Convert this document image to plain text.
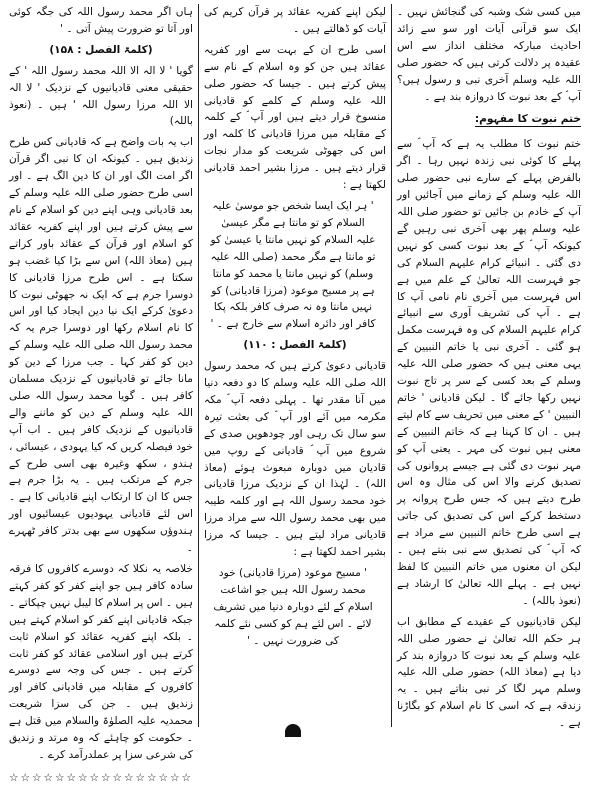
میں کسی شک وشبہ کی گنجائش نہیں ۔ ایک سو قرآنی آیات اور سو سے زائد احادیث مبارکہ مختلف انداز سے اس عقیدہ پر دلالت کرتی ہیں کہ حضور صلی اللہ علیہ وسلم آخری نبی و رسول ہیں؟ آپ ؐ کے بعد نبوت کا دروازہ بند ہے ۔

ختم نبوت کا مفہوم:

ختم نبوت کا مطلب یہ ہے کہ آپ ؐ سے پہلے کا کوئی نبی زندہ نہیں رہا ۔ اگر بالفرض پہلے کے سارے نبی حضور صلی اللہ علیہ وسلم کے زمانے میں آجائیں اور آپ کے خادم بن جائیں تو حضور صلی اللہ علیہ وسلم پھر بھی آخری نبی رہیں گے کیونکہ آپ ؐ کے بعد نبوت کسی کو نہیں دی گئی ۔ انبیائے کرام علیہم السلام کی جو فہرست اللہ تعالیٰ کے علم میں ہے اس فہرست میں آخری نام نامی آپ کا ہے ۔ آپ کی تشریف آوری سے انبیائے کرام علیہم السلام کی وہ فہرست مکمل ہو گئی ۔ آخری نبی یا خاتم النبیین کے یہی معنی ہیں کہ حضور صلی اللہ علیہ وسلم کے بعد کسی کے سر پر تاج نبوت نہیں رکھا جائے گا ۔ لیکن قادیانی ' خاتم النبیین ' کے معنی میں تحریف سے کام لیتے ہیں ۔ ان کا کہنا ہے کہ خاتم النبیین کے معنی ہیں نبوت کی مہر ۔ یعنی آپ کو مہر نبوت دی گئی ہے جیسے پروانوں کی تصدیق کرنے والا اس کی مثال وہ اس طرح دیتے ہیں کہ جس طرح پروانہ پر دستخط کرکے اس کی تصدیق کی جاتی ہے اسی طرح خاتم النبیین سے مراد ہے کہ آپ ؐ کی تصدیق سے نبی بنتے ہیں ۔ لیکن ان معنوں میں خاتم النبیین کا لفظ نہیں ہے ۔ پہلے اللہ تعالیٰ کا ارشاد ہے (نعوذ باللہ) ۔

لیکن قادیانیوں کے عقیدے کے مطابق اب ہر حکم اللہ تعالیٰ نے حضور صلی اللہ علیہ وسلم کے بعد نبوت کا دروازہ بند کر دیا ہے (معاذ اللہ) حضور صلی اللہ علیہ وسلم مہر لگا کر نبی بناتے ہیں ۔ یہ زندقہ ہے کہ اسی کا نام اسلام کو بگاڑنا ہے ۔

لیکن اپنے کفریہ عقائد پر قرآن کریم کی آیات کو ڈھالتے ہیں ۔

اسی طرح ان کے بہت سے اور کفریہ عقائد ہیں جن کو وہ اسلام کے نام سے پیش کرتے ہیں ۔ جیسا کہ حضور صلی اللہ علیہ وسلم کے کلمے کو قادیانی منسوخ قرار دیتے ہیں اور آپ ؐ کے کلمہ کے مقابلہ میں مرزا قادیانی کا کلمہ اور اس کی جھوٹی شریعت کو مدار نجات قرار دیتے ہیں ۔ مرزا بشیر احمد قادیانی لکھتا ہے :

' ہر ایک ایسا شخص جو موسیٰ علیہ السلام کو تو مانتا ہے مگر عیسیٰ علیہ السلام کو نہیں مانتا یا عیسیٰ کو تو مانتا ہے مگر محمد (صلی اللہ علیہ وسلم) کو نہیں مانتا یا محمد کو مانتا ہے پر مسیح موعود (مرزا قادیانی) کو نہیں مانتا وہ نہ صرف کافر بلکہ پکا کافر اور دائرہ اسلام سے خارج ہے ۔ '

(کلمۃ الفصل : ۱۱۰)

قادیانی دعویٰ کرتے ہیں کہ محمد رسول اللہ صلی اللہ علیہ وسلم کا دو دفعہ دنیا میں آنا مقدر تھا ۔ پہلی دفعہ آپ ؐ مکہ مکرمہ میں آئے اور آپ ؐ کی بعثت تیرہ سو سال تک رہی اور چودھویں صدی کے شروع میں آپ ؐ قادیانی کے روپ میں قادیان میں دوبارہ مبعوث ہوئے (معاذ اللہ) ۔ لہٰذا ان کے نزدیک مرزا قادیانی خود محمد رسول اللہ ہے اور کلمہ طیبہ میں بھی محمد رسول اللہ سے مراد مرزا قادیانی مراد لیتے ہیں ۔ جیسا کہ مرزا بشیر احمد لکھتا ہے :

' مسیح موعود (مرزا قادیانی) خود محمد رسول اللہ ہیں جو اشاعت اسلام کے لئے دوبارہ دنیا میں تشریف لائے ۔ اس لئے ہم کو کسی نئے کلمہ کی ضرورت نہیں ۔ '

ہاں اگر محمد رسول اللہ کی جگہ کوئی اور آتا تو ضرورت پیش آتی ۔ '

(کلمۃ الفصل : ۱۵۸)

گویا ' لا الہ الا اللہ محمد رسول اللہ ' کے حقیقی معنی قادیانیوں کے نزدیک ' لا الہ الا اللہ مرزا رسول اللہ ' ہیں ۔ (نعوذ باللہ)

اب یہ بات واضح ہے کہ قادیانی کس طرح زندیق ہیں ۔ کیونکہ ان کا نبی اگر قرآن اگر امت الگ اور ان کا دین الگ ہے ۔ اور اسی طرح حضور صلی اللہ علیہ وسلم کے بعد قادیانی وہی اپنے دین کو اسلام کے نام سے پیش کرتے ہیں اور اپنے کفریہ عقائد کو اسلام اور قرآن کے عقائد باور کراتے ہیں (معاذ اللہ) اس سے بڑا کیا غضب ہو سکتا ہے ۔ اس طرح مرزا قادیانی کا دوسرا جرم ہے کہ ایک نہ جھوٹی نبوت کا دعویٰ کرکے ایک نیا دین ایجاد کیا اور اس کا نام اسلام رکھا اور دوسرا جرم یہ کہ محمد رسول اللہ صلی اللہ علیہ وسلم کے دین کو کفر کہا ۔ جب مرزا کے دین کو مانا جائے تو قادیانیوں کے نزدیک مسلمان کافر ہیں ۔ گویا محمد رسول اللہ صلی اللہ علیہ وسلم کے دین کو ماننے والے قادیانیوں کے نزدیک کافر ہیں ۔ اب آپ خود فیصلہ کریں کہ کیا یہودی ، عیسائی ، ہندو ، سکھ وغیرہ بھی اسی طرح کے جرم کے مرتکب ہیں ۔ یہ بڑا جرم ہے جس کا ان کا ارتکاب اپنے قادیانی کا ہے ۔ اس لئے قادیانی یہودیوں عیسائیوں اور ہندوؤں سکھوں سے بھی بدتر کافر ٹھہرے ۔

خلاصہ یہ نکلا کہ دوسرے کافروں کا فرقہ سادہ کافر ہیں جو اپنے کفر کو کفر کہتے ہیں ۔ اس پر اسلام کا لیبل نہیں چپکاتے ۔ جبکہ قادیانی اپنے کفر کو اسلام کہتے ہیں ۔ بلکہ اپنے کفریہ عقائد کو اسلام ثابت کرتے ہیں اور اسلامی عقائد کو کفر ثابت کرتے ہیں ۔ جس کی وجہ سے دوسرے کافروں کے مقابلہ میں قادیانی کافر اور زندیق ہیں ۔ جن کی سزا شریعت محمدیہ علیہ الصلوٰۃ والسلام میں قتل ہے ۔ حکومت کو چاہئے کہ وہ مرتد و زندیق کی شرعی سزا پر عملدرآمد کرے ۔

☆☆☆☆☆☆☆☆☆☆☆☆☆☆☆☆
